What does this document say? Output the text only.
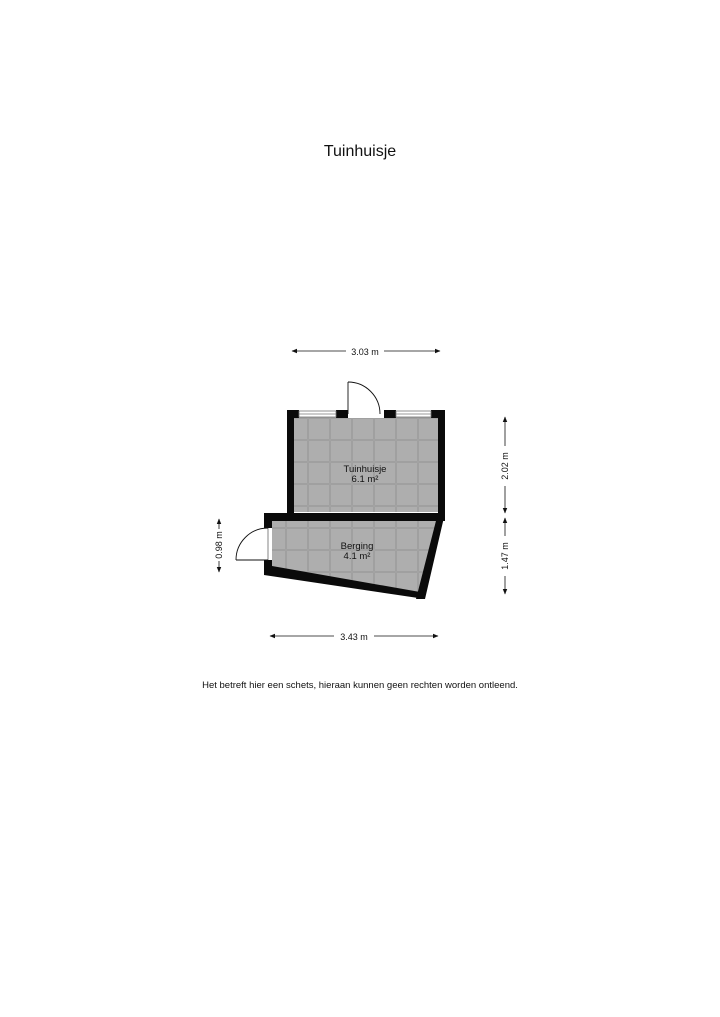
Tuinhuisje
Tuinhuisje
6.1 m²
Berging
4.1 m²
3.03 m
3.43 m
2.02 m
1.47 m
0.98 m
Het betreft hier een schets, hieraan kunnen geen rechten worden ontleend.
